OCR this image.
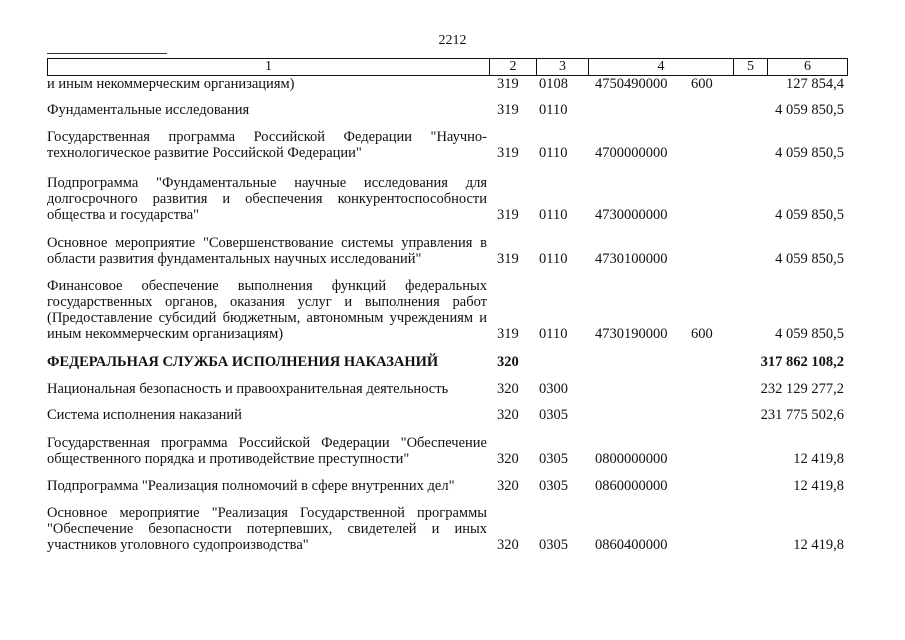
2212
1	2	3	4	5	6
и иным некоммерческим организациям)	319 0108 4750490000 600	127 854,4
Фундаментальные исследования	319 0110	4 059 850,5
Государственная программа Российской Федерации "Научно-технологическое развитие Российской Федерации"	319 0110 4700000000	4 059 850,5
Подпрограмма "Фундаментальные научные исследования для долгосрочного развития и обеспечения конкурентоспособности общества и государства"	319 0110 4730000000	4 059 850,5
Основное мероприятие "Совершенствование системы управления в области развития фундаментальных научных исследований"	319 0110 4730100000	4 059 850,5
Финансовое обеспечение выполнения функций федеральных государственных органов, оказания услуг и выполнения работ (Предоставление субсидий бюджетным, автономным учреждениям и иным некоммерческим организациям)	319 0110 4730190000 600	4 059 850,5
ФЕДЕРАЛЬНАЯ СЛУЖБА ИСПОЛНЕНИЯ НАКАЗАНИЙ	320	317 862 108,2
Национальная безопасность и правоохранительная деятельность	320 0300	232 129 277,2
Система исполнения наказаний	320 0305	231 775 502,6
Государственная программа Российской Федерации "Обеспечение общественного порядка и противодействие преступности"	320 0305 0800000000	12 419,8
Подпрограмма "Реализация полномочий в сфере внутренних дел"	320 0305 0860000000	12 419,8
Основное мероприятие "Реализация Государственной программы "Обеспечение безопасности потерпевших, свидетелей и иных участников уголовного судопроизводства"	320 0305 0860400000	12 419,8
